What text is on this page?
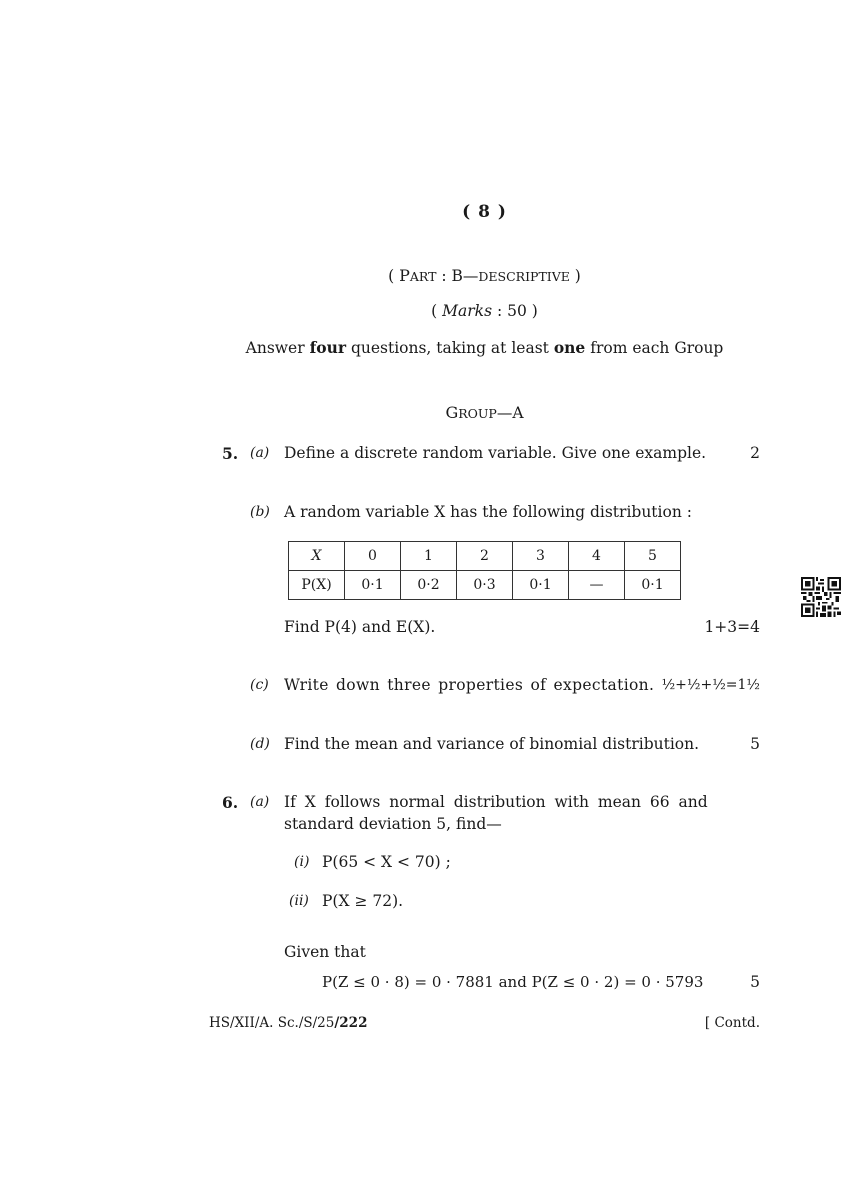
( 8 )
( PART : B—DESCRIPTIVE )
( Marks : 50 )
Answer four questions, taking at least one from each Group
GROUP—A
5. (a) Define a discrete random variable. Give one example.	2
(b) A random variable X has the following distribution :
X	0	1	2	3	4	5
P(X)	0·1	0·2	0·3	0·1	—	0·1
Find P(4) and E(X).	1+3=4
(c) Write down three properties of expectation. ½+½+½=1½
(d) Find the mean and variance of binomial distribution.	5
6. (a) If X follows normal distribution with mean 66 and
standard deviation 5, find—
(i) P(65 < X < 70) ;
(ii) P(X ≥ 72).
Given that
P(Z ≤ 0 · 8) = 0 · 7881 and P(Z ≤ 0 · 2) = 0 · 5793	5
HS/XII/A. Sc./S/25/222	[ Contd.
